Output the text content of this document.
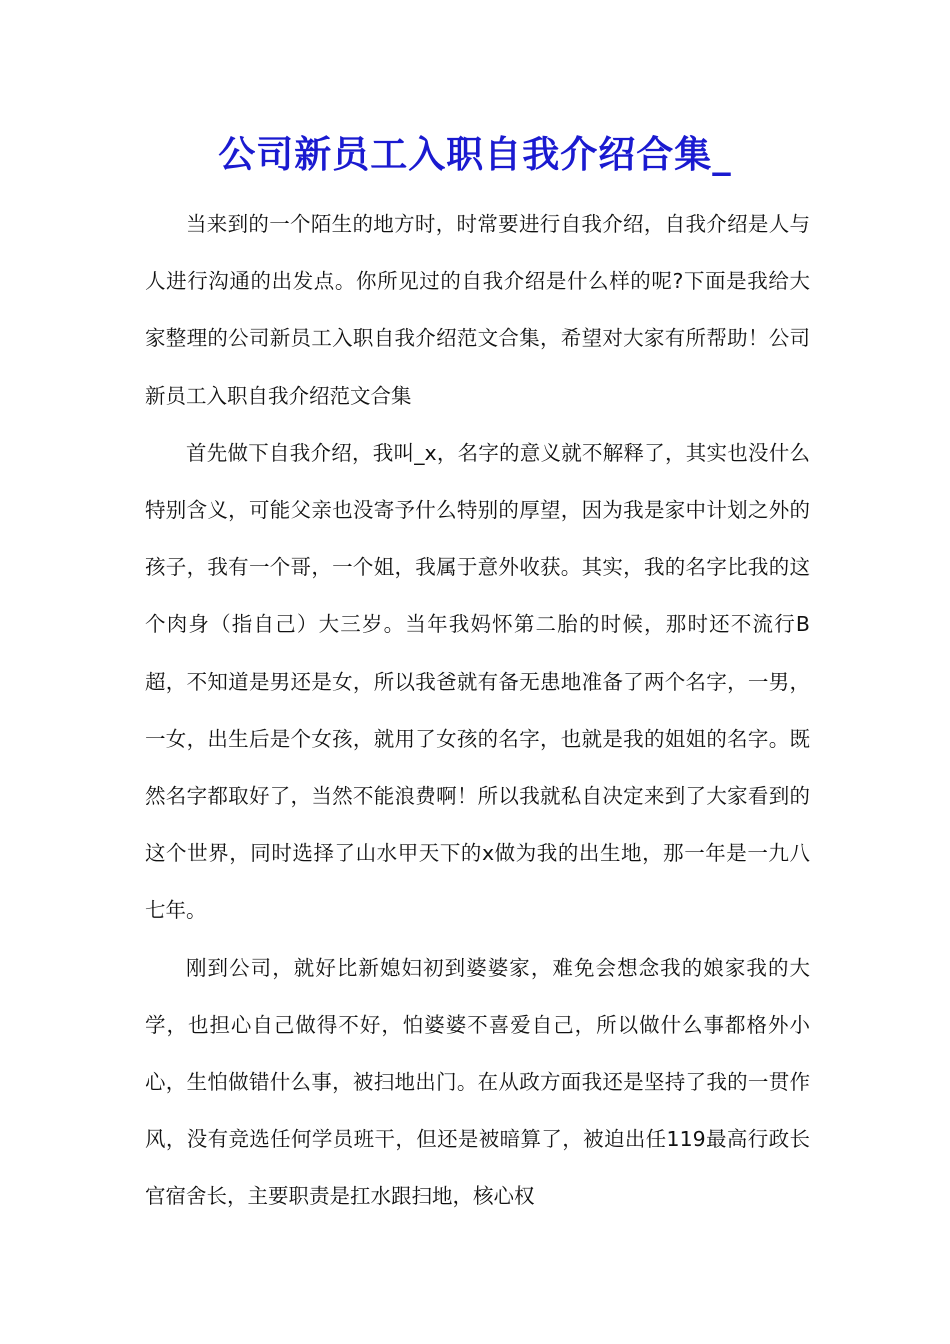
公司新员工入职自我介绍合集_

当来到的一个陌生的地方时，时常要进行自我介绍，自我介绍是人与人进行沟通的出发点。你所见过的自我介绍是什么样的呢?下面是我给大家整理的公司新员工入职自我介绍范文合集，希望对大家有所帮助！公司新员工入职自我介绍范文合集

首先做下自我介绍，我叫_x，名字的意义就不解释了，其实也没什么特别含义，可能父亲也没寄予什么特别的厚望，因为我是家中计划之外的孩子，我有一个哥，一个姐，我属于意外收获。其实，我的名字比我的这个肉身（指自己）大三岁。当年我妈怀第二胎的时候，那时还不流行B超，不知道是男还是女，所以我爸就有备无患地准备了两个名字，一男，一女，出生后是个女孩，就用了女孩的名字，也就是我的姐姐的名字。既然名字都取好了，当然不能浪费啊！所以我就私自决定来到了大家看到的这个世界，同时选择了山水甲天下的x做为我的出生地，那一年是一九八七年。

刚到公司，就好比新媳妇初到婆婆家，难免会想念我的娘家我的大学，也担心自己做得不好，怕婆婆不喜爱自己，所以做什么事都格外小心，生怕做错什么事，被扫地出门。在从政方面我还是坚持了我的一贯作风，没有竞选任何学员班干，但还是被暗算了，被迫出任119最高行政长官宿舍长，主要职责是扛水跟扫地，核心权
